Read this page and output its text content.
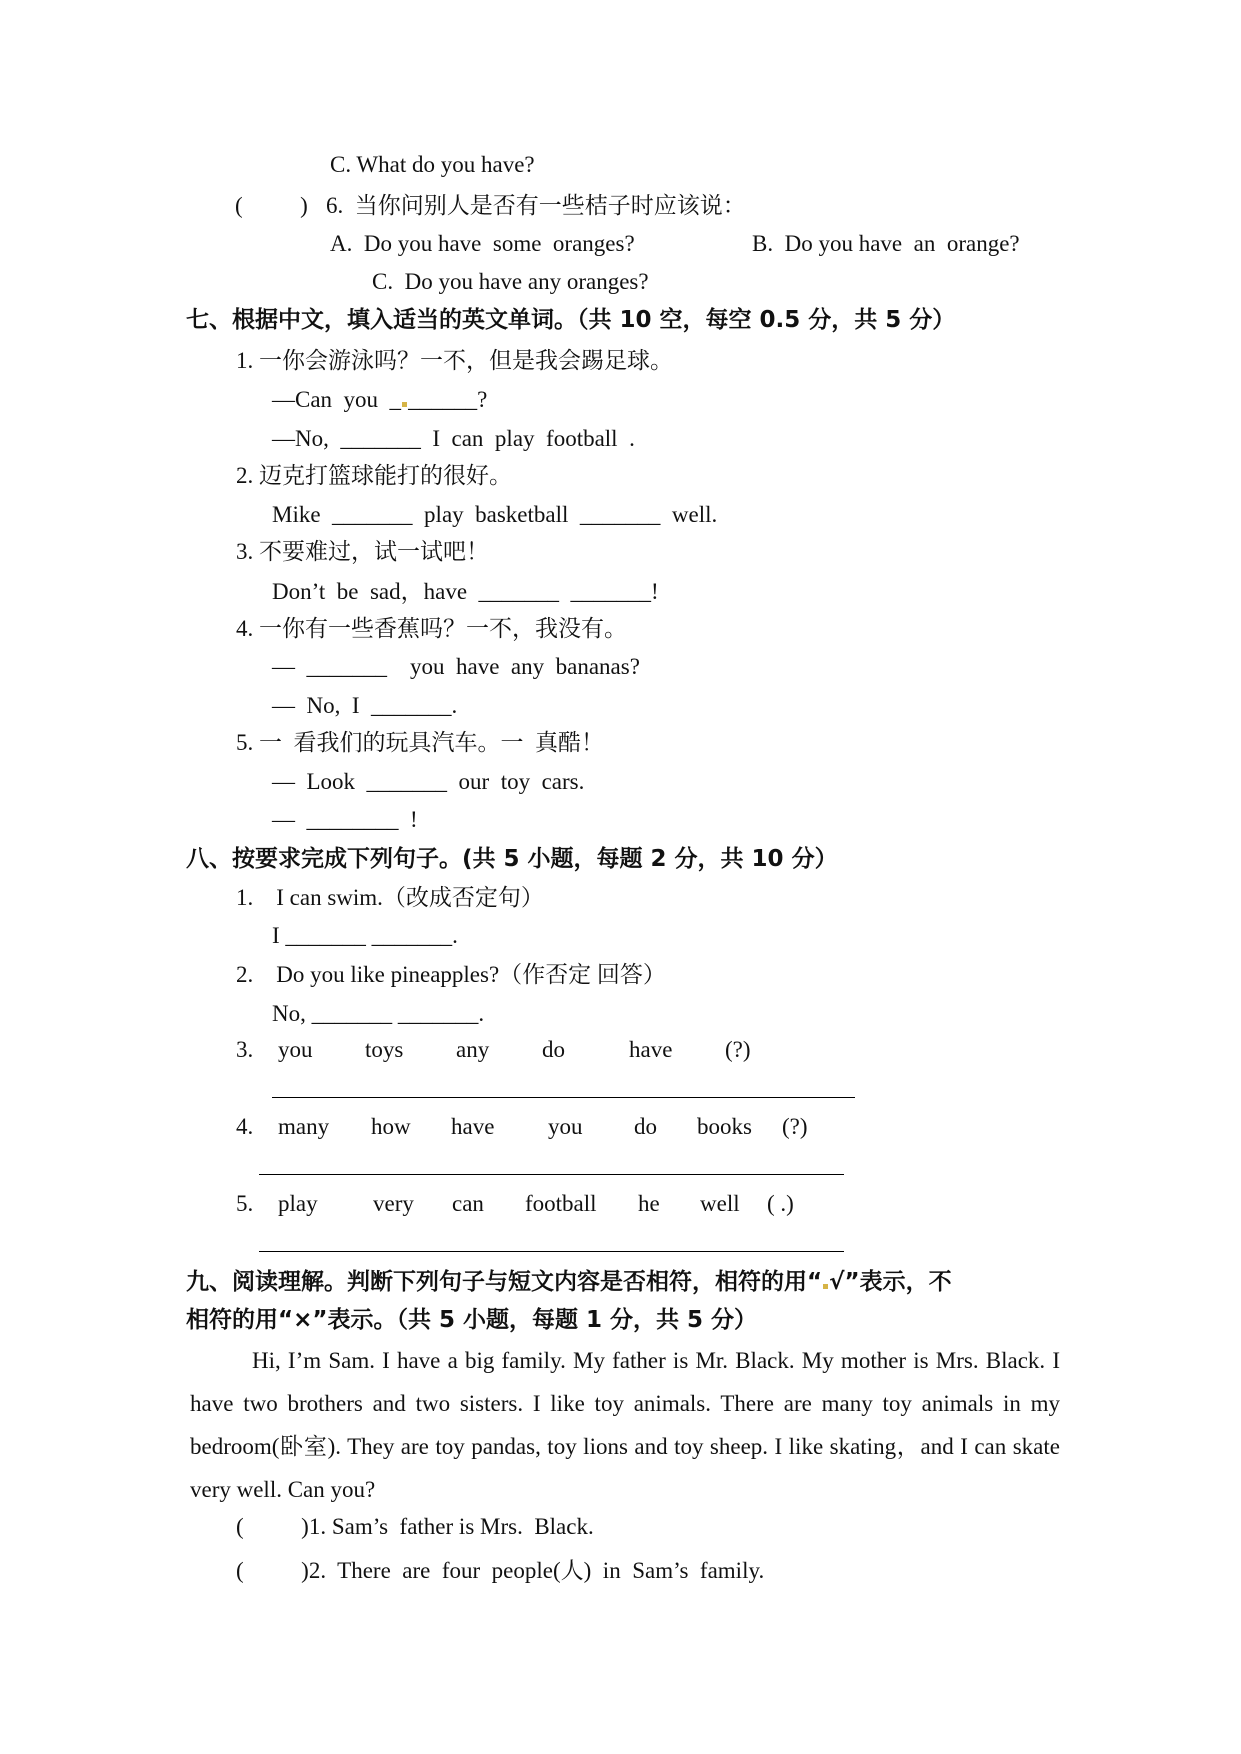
C. What do you have?
(          ) 6.  当你问别人是否有一些桔子时应该说：
A.  Do you have  some  oranges?	B.  Do you have  an  orange?
C.  Do you have any oranges?
七、根据中文，填入适当的英文单词。（共 10 空，每空 0.5 分，共 5 分）
1. 一你会游泳吗？一不，但是我会踢足球。
—Can  you  _ ______?
—No,  _______  I  can  play  football  .
2. 迈克打篮球能打的很好。
Mike  _______  play  basketball  _______  well.
3. 不要难过，试一试吧！
Don’t  be  sad，have  _______  _______!
4. 一你有一些香蕉吗？一不，我没有。
—  _______    you  have  any  bananas?
—  No,  I  _______.
5. 一  看我们的玩具汽车。一  真酷！
—  Look  _______  our  toy  cars.
—  ________  !
八、按要求完成下列句子。(共 5 小题，每题 2 分，共 10 分）
1.    I can swim.（改成否定句）
I _______ _______.
2.    Do you like pineapples?（作否定 回答）
No, _______ _______.
3. you toys any do	have (?)
4. many how have you do books (?)
5. play very can football he well ( .)
九、阅读理解。判断下列句子与短文内容是否相符，相符的用“ √”表示，不
相符的用“×”表示。（共 5 小题，每题 1 分，共 5 分）
Hi, I’m Sam. I have a big family. My father is Mr. Black. My mother is Mrs. Black. I have two brothers and two sisters. I like toy animals. There are many toy animals in my bedroom(卧室). They are toy pandas, toy lions and toy sheep. I like skating，and I can skate very well. Can you?
(          )1. Sam’s  father is Mrs.  Black.
(          )2.  There  are  four  people(人)  in  Sam’s  family.
